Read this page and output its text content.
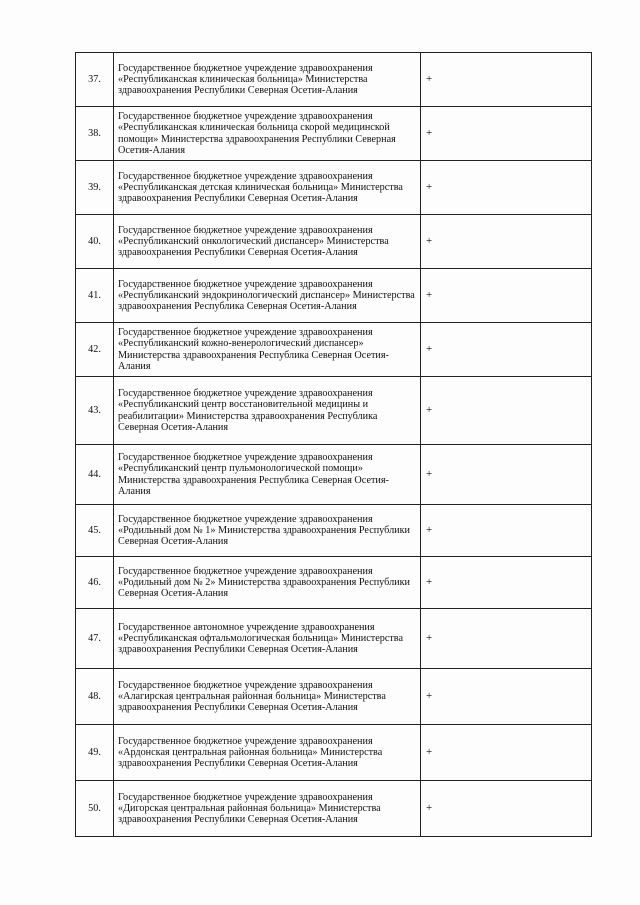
37.	Государственное бюджетное учреждение здравоохранения «Республиканская клиническая больница» Министерства здравоохранения Республики Северная Осетия-Алания	+
38.	Государственное бюджетное учреждение здравоохранения «Республиканская клиническая больница скорой медицинской помощи» Министерства здравоохранения Республики Северная Осетия-Алания	+
39.	Государственное бюджетное учреждение здравоохранения «Республиканская детская клиническая больница» Министерства здравоохранения Республики Северная Осетия-Алания	+
40.	Государственное бюджетное учреждение здравоохранения «Республиканский онкологический диспансер» Министерства здравоохранения Республики Северная Осетия-Алания	+
41.	Государственное бюджетное учреждение здравоохранения «Республиканский эндокринологический диспансер» Министерства здравоохранения Республика Северная Осетия-Алания	+
42.	Государственное бюджетное учреждение здравоохранения «Республиканский кожно-венерологический диспансер» Министерства здравоохранения Республика Северная Осетия-Алания	+
43.	Государственное бюджетное учреждение здравоохранения «Республиканский центр восстановительной медицины и реабилитации» Министерства здравоохранения Республика Северная Осетия-Алания	+
44.	Государственное бюджетное учреждение здравоохранения «Республиканский центр пульмонологической помощи» Министерства здравоохранения Республика Северная Осетия-Алания	+
45.	Государственное бюджетное учреждение здравоохранения «Родильный дом № 1» Министерства здравоохранения Республики Северная Осетия-Алания	+
46.	Государственное бюджетное учреждение здравоохранения «Родильный дом № 2» Министерства здравоохранения Республики Северная Осетия-Алания	+
47.	Государственное автономное учреждение здравоохранения «Республиканская офтальмологическая больница» Министерства здравоохранения Республики Северная Осетия-Алания	+
48.	Государственное бюджетное учреждение здравоохранения «Алагирская центральная районная больница» Министерства здравоохранения Республики Северная Осетия-Алания	+
49.	Государственное бюджетное учреждение здравоохранения «Ардонская центральная районная больница» Министерства здравоохранения Республики Северная Осетия-Алания	+
50.	Государственное бюджетное учреждение здравоохранения «Дигорская центральная районная больница» Министерства здравоохранения Республики Северная Осетия-Алания	+
